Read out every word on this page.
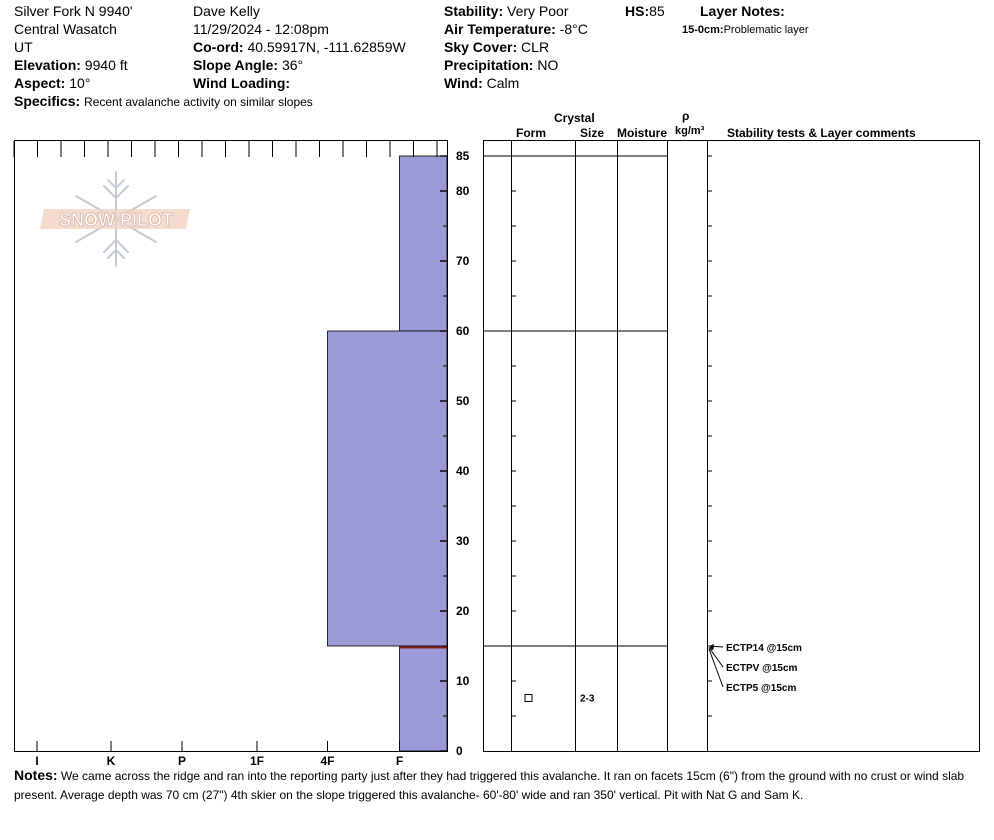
Silver Fork N 9940'
Central Wasatch
UT
Elevation: 9940 ft
Aspect: 10°
Specifics: Recent avalanche activity on similar slopes
Dave Kelly
11/29/2024 - 12:08pm
Co-ord: 40.59917N, -111.62859W
Slope Angle: 36°
Wind Loading:
Stability: Very Poor
Air Temperature: -8°C
Sky Cover: CLR
Precipitation: NO
Wind: Calm
HS:85	Layer Notes:
15-0cm:Problematic layer
Crystal
Form	Size Moisture
ρ
kg/m³ Stability tests & Layer comments
I	K	P	1F	4F	F
0
10
20
30
40
50
60
70
80
85
SNOW PILOT
2-3
ECTP14 @15cm
ECTPV @15cm
ECTP5 @15cm
Notes: We came across the ridge and ran into the reporting party just after they had triggered this avalanche. It ran on facets 15cm (6") from the ground with no crust or wind slab present. Average depth was 70 cm (27") 4th skier on the slope triggered this avalanche- 60'-80' wide and ran 350' vertical. Pit with Nat G and Sam K.
